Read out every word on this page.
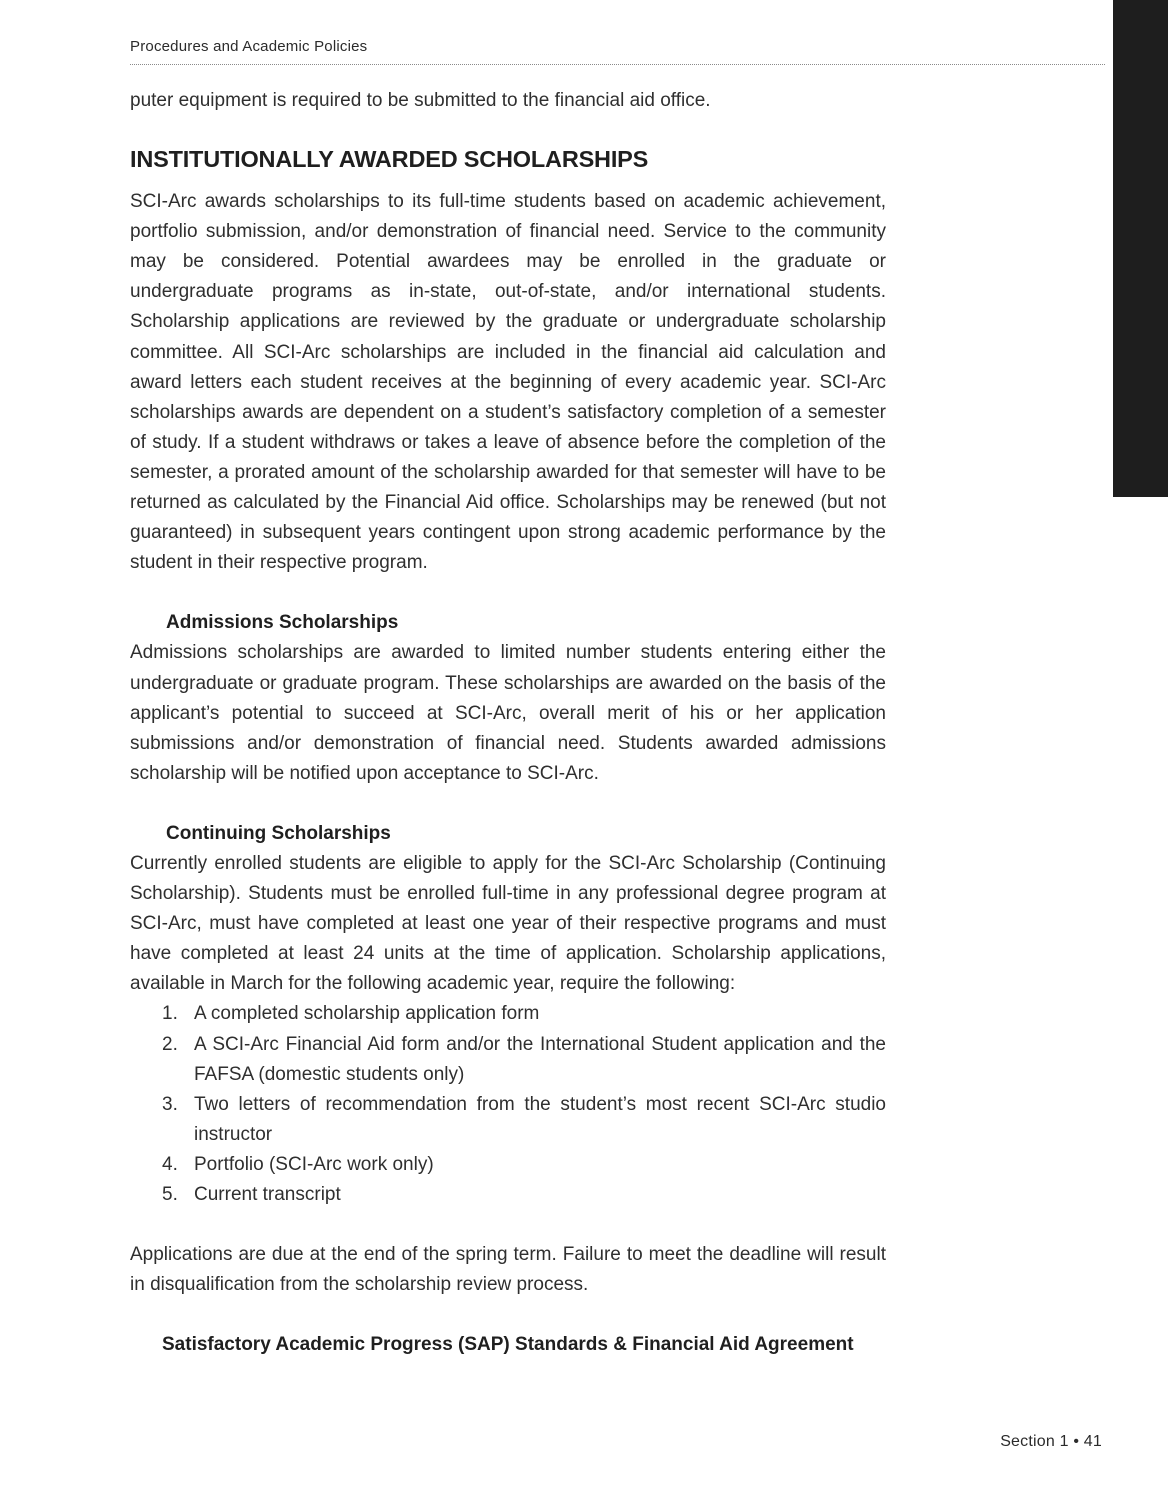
Procedures and Academic Policies

puter equipment is required to be submitted to the financial aid office.

INSTITUTIONALLY AWARDED SCHOLARSHIPS

SCI-Arc awards scholarships to its full-time students based on academic achievement, portfolio submission, and/or demonstration of financial need. Service to the community may be considered. Potential awardees may be enrolled in the graduate or undergraduate programs as in-state, out-of-state, and/or international students. Scholarship applications are reviewed by the graduate or undergraduate scholarship committee. All SCI-Arc scholarships are included in the financial aid calculation and award letters each student receives at the beginning of every academic year. SCI-Arc scholarships awards are dependent on a student’s satisfactory completion of a semester of study. If a student withdraws or takes a leave of absence before the completion of the semester, a prorated amount of the scholarship awarded for that semester will have to be returned as calculated by the Financial Aid office. Scholarships may be renewed (but not guaranteed) in subsequent years contingent upon strong academic performance by the student in their respective program.

Admissions Scholarships

Admissions scholarships are awarded to limited number students entering either the undergraduate or graduate program. These scholarships are awarded on the basis of the applicant’s potential to succeed at SCI-Arc, overall merit of his or her application submissions and/or demonstration of financial need. Students awarded admissions scholarship will be notified upon acceptance to SCI-Arc.

Continuing Scholarships

Currently enrolled students are eligible to apply for the SCI-Arc Scholarship (Continuing Scholarship). Students must be enrolled full-time in any professional degree program at SCI-Arc, must have completed at least one year of their respective programs and must have completed at least 24 units at the time of application. Scholarship applications, available in March for the following academic year, require the following:

1. A completed scholarship application form
2. A SCI-Arc Financial Aid form and/or the International Student application and the FAFSA (domestic students only)
3. Two letters of recommendation from the student’s most recent SCI-Arc studio instructor
4. Portfolio (SCI-Arc work only)
5. Current transcript

Applications are due at the end of the spring term. Failure to meet the deadline will result in disqualification from the scholarship review process.

Satisfactory Academic Progress (SAP) Standards & Financial Aid Agreement
Section 1 • 41
